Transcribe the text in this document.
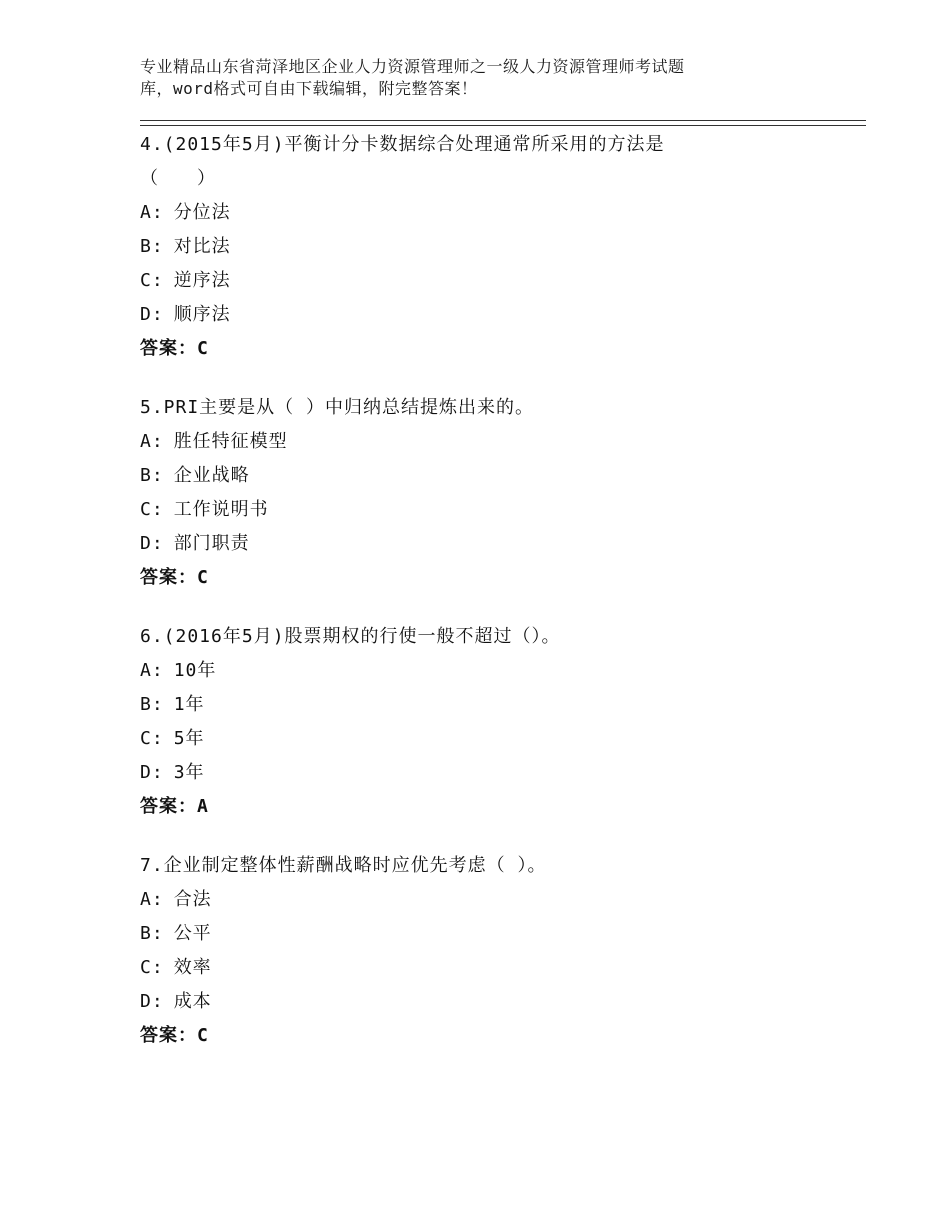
专业精品山东省菏泽地区企业人力资源管理师之一级人力资源管理师考试题
库，word格式可自由下载编辑，附完整答案！

4.(2015年5月)平衡计分卡数据综合处理通常所采用的方法是

（　　）

A: 分位法

B: 对比法

C: 逆序法

D: 顺序法

答案：C

5.PRI主要是从（ ）中归纳总结提炼出来的。

A: 胜任特征模型

B: 企业战略

C: 工作说明书

D: 部门职责

答案：C

6.(2016年5月)股票期权的行使一般不超过（）。

A: 10年

B: 1年

C: 5年

D: 3年

答案：A

7.企业制定整体性薪酬战略时应优先考虑（ ）。

A: 合法

B: 公平

C: 效率

D: 成本

答案：C
